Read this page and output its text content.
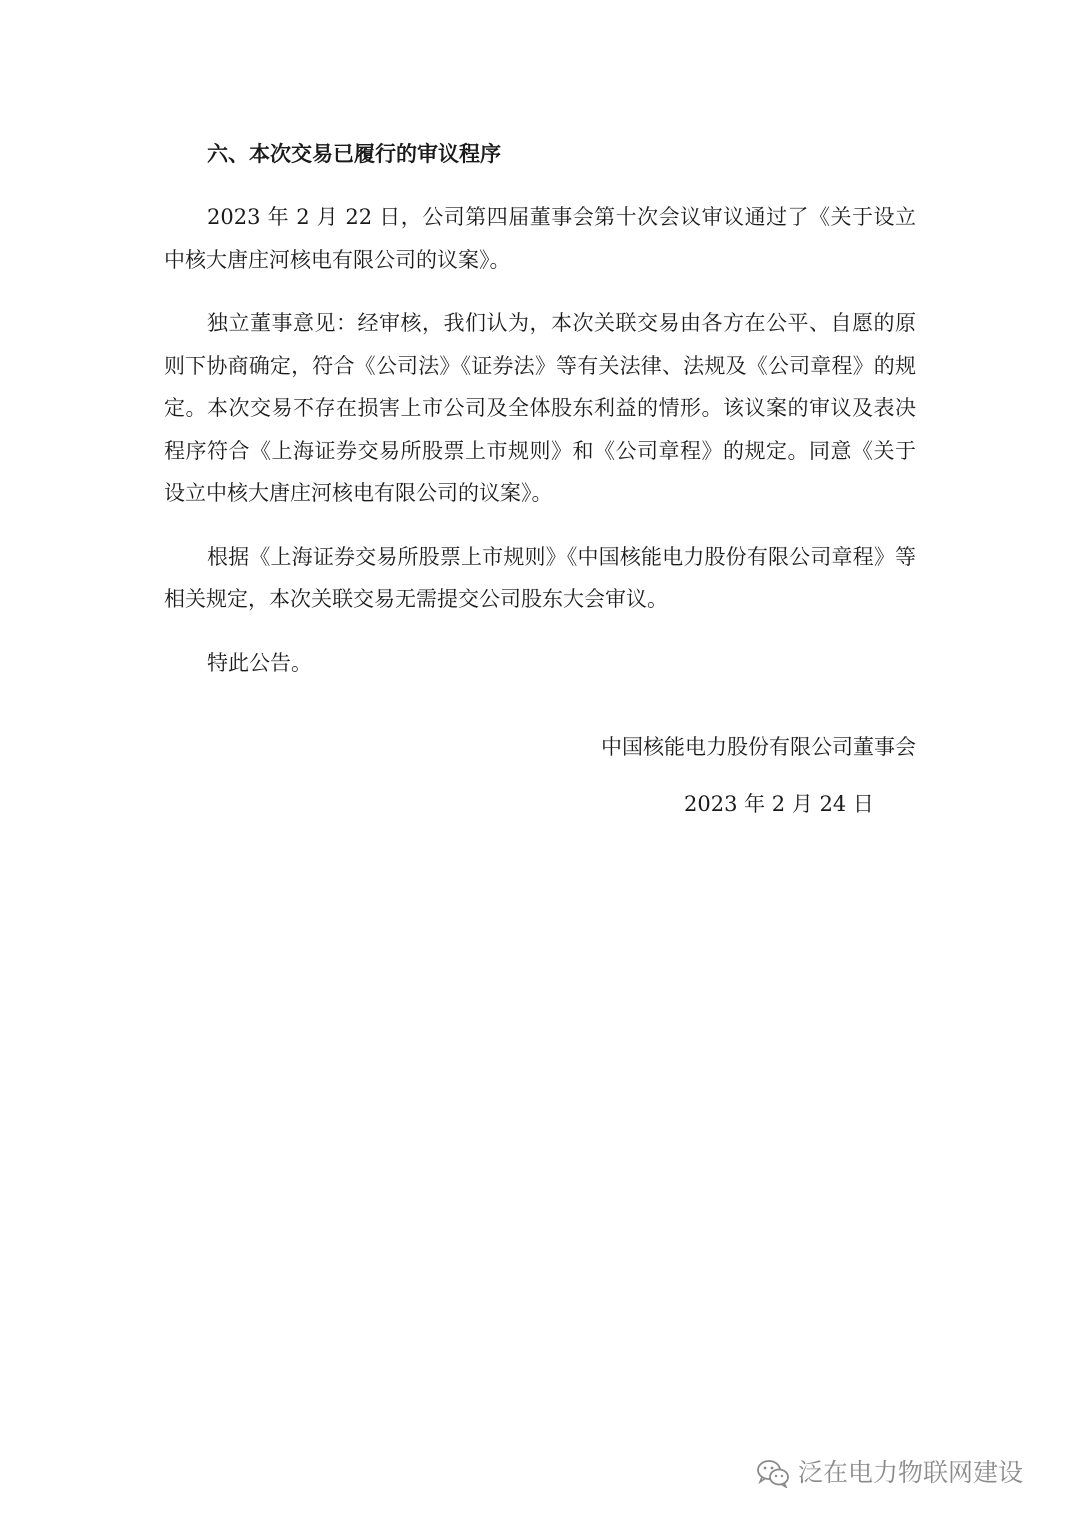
六、本次交易已履行的审议程序

2023 年 2 月 22 日，公司第四届董事会第十次会议审议通过了《关于设立中核大唐庄河核电有限公司的议案》。

独立董事意见：经审核，我们认为，本次关联交易由各方在公平、自愿的原则下协商确定，符合《公司法》《证券法》等有关法律、法规及《公司章程》的规定。本次交易不存在损害上市公司及全体股东利益的情形。该议案的审议及表决程序符合《上海证券交易所股票上市规则》和《公司章程》的规定。同意《关于设立中核大唐庄河核电有限公司的议案》。

根据《上海证券交易所股票上市规则》《中国核能电力股份有限公司章程》等相关规定，本次关联交易无需提交公司股东大会审议。

特此公告。

中国核能电力股份有限公司董事会
2023 年 2 月 24 日
泛在电力物联网建设
